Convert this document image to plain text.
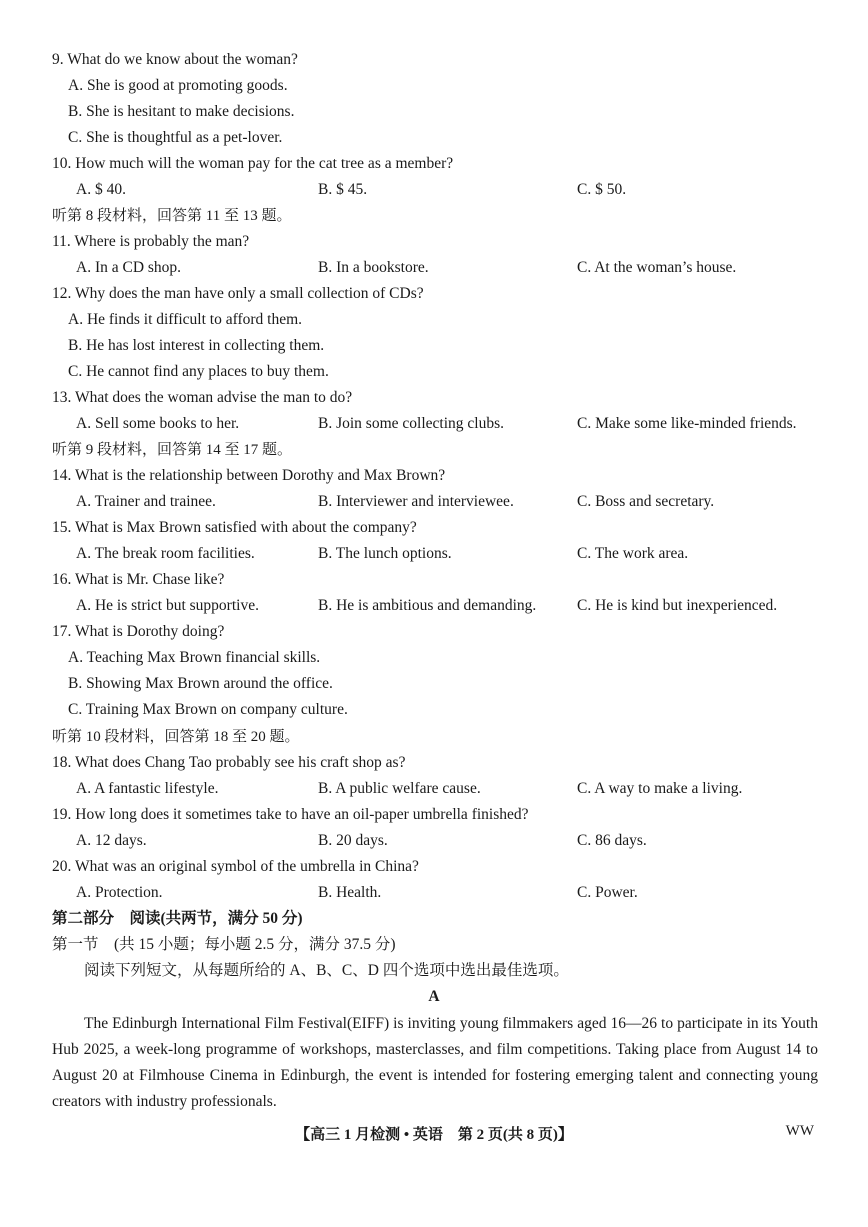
9. What do we know about the woman?
A. She is good at promoting goods.
B. She is hesitant to make decisions.
C. She is thoughtful as a pet-lover.
10. How much will the woman pay for the cat tree as a member?
A. $ 40.	B. $ 45.	C. $ 50.
听第 8 段材料，回答第 11 至 13 题。
11. Where is probably the man?
A. In a CD shop.	B. In a bookstore.	C. At the woman’s house.
12. Why does the man have only a small collection of CDs?
A. He finds it difficult to afford them.
B. He has lost interest in collecting them.
C. He cannot find any places to buy them.
13. What does the woman advise the man to do?
A. Sell some books to her.	B. Join some collecting clubs.	C. Make some like-minded friends.
听第 9 段材料，回答第 14 至 17 题。
14. What is the relationship between Dorothy and Max Brown?
A. Trainer and trainee.	B. Interviewer and interviewee.	C. Boss and secretary.
15. What is Max Brown satisfied with about the company?
A. The break room facilities.	B. The lunch options.	C. The work area.
16. What is Mr. Chase like?
A. He is strict but supportive.	B. He is ambitious and demanding.	C. He is kind but inexperienced.
17. What is Dorothy doing?
A. Teaching Max Brown financial skills.
B. Showing Max Brown around the office.
C. Training Max Brown on company culture.
听第 10 段材料，回答第 18 至 20 题。
18. What does Chang Tao probably see his craft shop as?
A. A fantastic lifestyle.	B. A public welfare cause.	C. A way to make a living.
19. How long does it sometimes take to have an oil-paper umbrella finished?
A. 12 days.	B. 20 days.	C. 86 days.
20. What was an original symbol of the umbrella in China?
A. Protection.	B. Health.	C. Power.
第二部分　阅读(共两节，满分 50 分)
第一节　(共 15 小题；每小题 2.5 分，满分 37.5 分)
阅读下列短文，从每题所给的 A、B、C、D 四个选项中选出最佳选项。
A
The Edinburgh International Film Festival(EIFF) is inviting young filmmakers aged 16—26 to participate in its Youth Hub 2025, a week-long programme of workshops, masterclasses, and film competitions. Taking place from August 14 to August 20 at Filmhouse Cinema in Edinburgh, the event is intended for fostering emerging talent and connecting young creators with industry professionals.
【高三 1 月检测 • 英语　第 2 页(共 8 页)】	WW
